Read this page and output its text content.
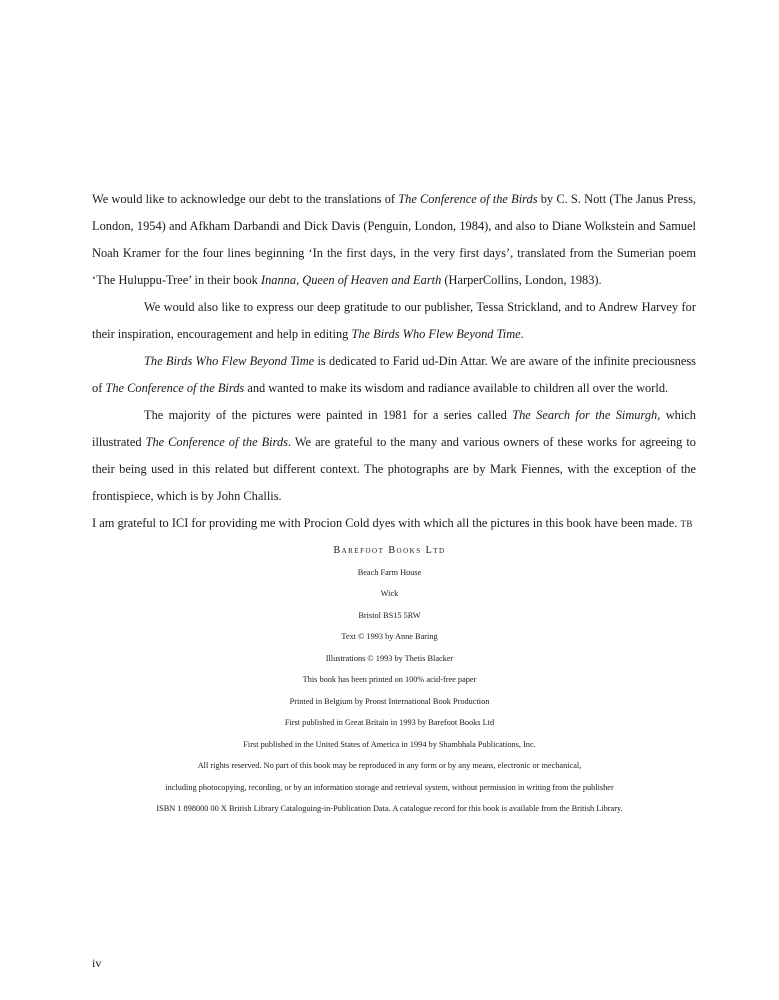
We would like to acknowledge our debt to the translations of The Conference of the Birds by C. S. Nott (The Janus Press, London, 1954) and Afkham Darbandi and Dick Davis (Penguin, London, 1984), and also to Diane Wolkstein and Samuel Noah Kramer for the four lines beginning ‘In the first days, in the very first days’, translated from the Sumerian poem ‘The Huluppu-Tree’ in their book Inanna, Queen of Heaven and Earth (HarperCollins, London, 1983).

We would also like to express our deep gratitude to our publisher, Tessa Strickland, and to Andrew Harvey for their inspiration, encouragement and help in editing The Birds Who Flew Beyond Time.

The Birds Who Flew Beyond Time is dedicated to Farid ud-Din Attar. We are aware of the infinite preciousness of The Conference of the Birds and wanted to make its wisdom and radiance available to children all over the world.

The majority of the pictures were painted in 1981 for a series called The Search for the Simurgh, which illustrated The Conference of the Birds. We are grateful to the many and various owners of these works for agreeing to their being used in this related but different context. The photographs are by Mark Fiennes, with the exception of the frontispiece, which is by John Challis.

I am grateful to ICI for providing me with Procion Cold dyes with which all the pictures in this book have been made. TB

Barefoot Books Ltd
Beach Farm House
Wick
Bristol BS15 5RW
Text © 1993 by Anne Baring
Illustrations © 1993 by Thetis Blacker
This book has been printed on 100% acid-free paper
Printed in Belgium by Proost International Book Production
First published in Great Britain in 1993 by Barefoot Books Ltd
First published in the United States of America in 1994 by Shambhala Publications, Inc.
All rights reserved. No part of this book may be reproduced in any form or by any means, electronic or mechanical,
including photocopying, recording, or by an information storage and retrieval system, without permission in writing from the publisher
ISBN 1 898000 00 X British Library Cataloguing-in-Publication Data. A catalogue record for this book is available from the British Library.
iv
